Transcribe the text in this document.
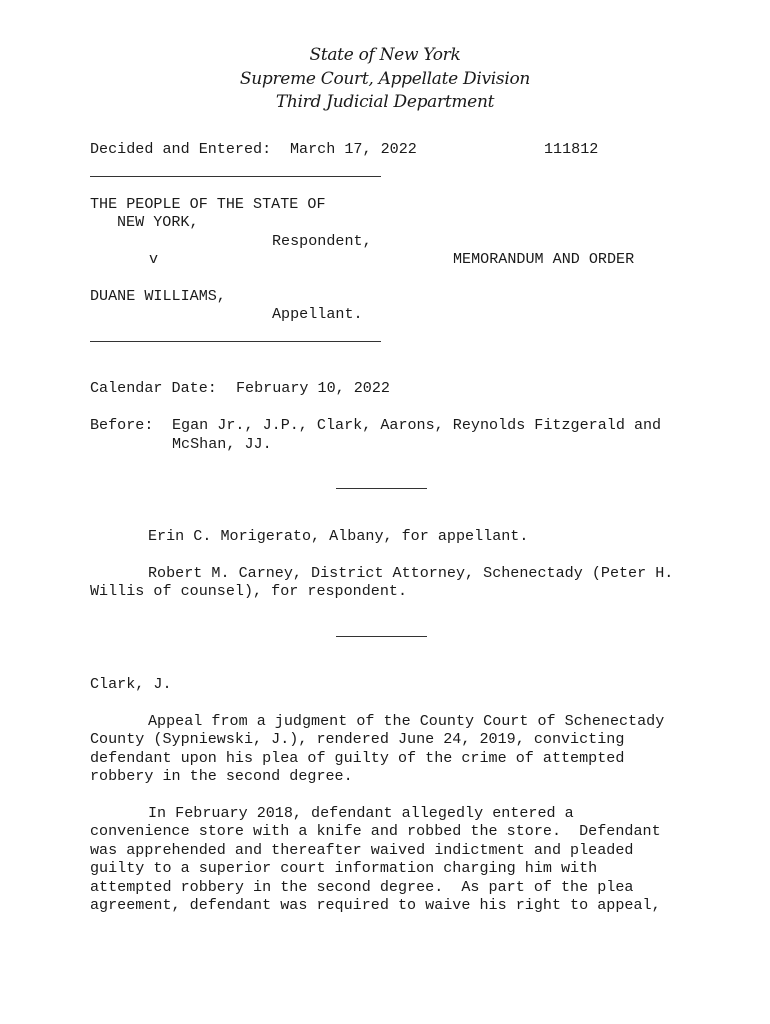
State of New York
Supreme Court, Appellate Division
Third Judicial Department
Decided and Entered: March 17, 2022	111812
THE PEOPLE OF THE STATE OF
NEW YORK,
Respondent,
v	MEMORANDUM AND ORDER
DUANE WILLIAMS,
Appellant.
Calendar Date: February 10, 2022
Before: Egan Jr., J.P., Clark, Aarons, Reynolds Fitzgerald and
McShan, JJ.
Erin C. Morigerato, Albany, for appellant.
Robert M. Carney, District Attorney, Schenectady (Peter H.
Willis of counsel), for respondent.
Clark, J.
Appeal from a judgment of the County Court of Schenectady
County (Sypniewski, J.), rendered June 24, 2019, convicting
defendant upon his plea of guilty of the crime of attempted
robbery in the second degree.
In February 2018, defendant allegedly entered a
convenience store with a knife and robbed the store.  Defendant
was apprehended and thereafter waived indictment and pleaded
guilty to a superior court information charging him with
attempted robbery in the second degree.  As part of the plea
agreement, defendant was required to waive his right to appeal,
